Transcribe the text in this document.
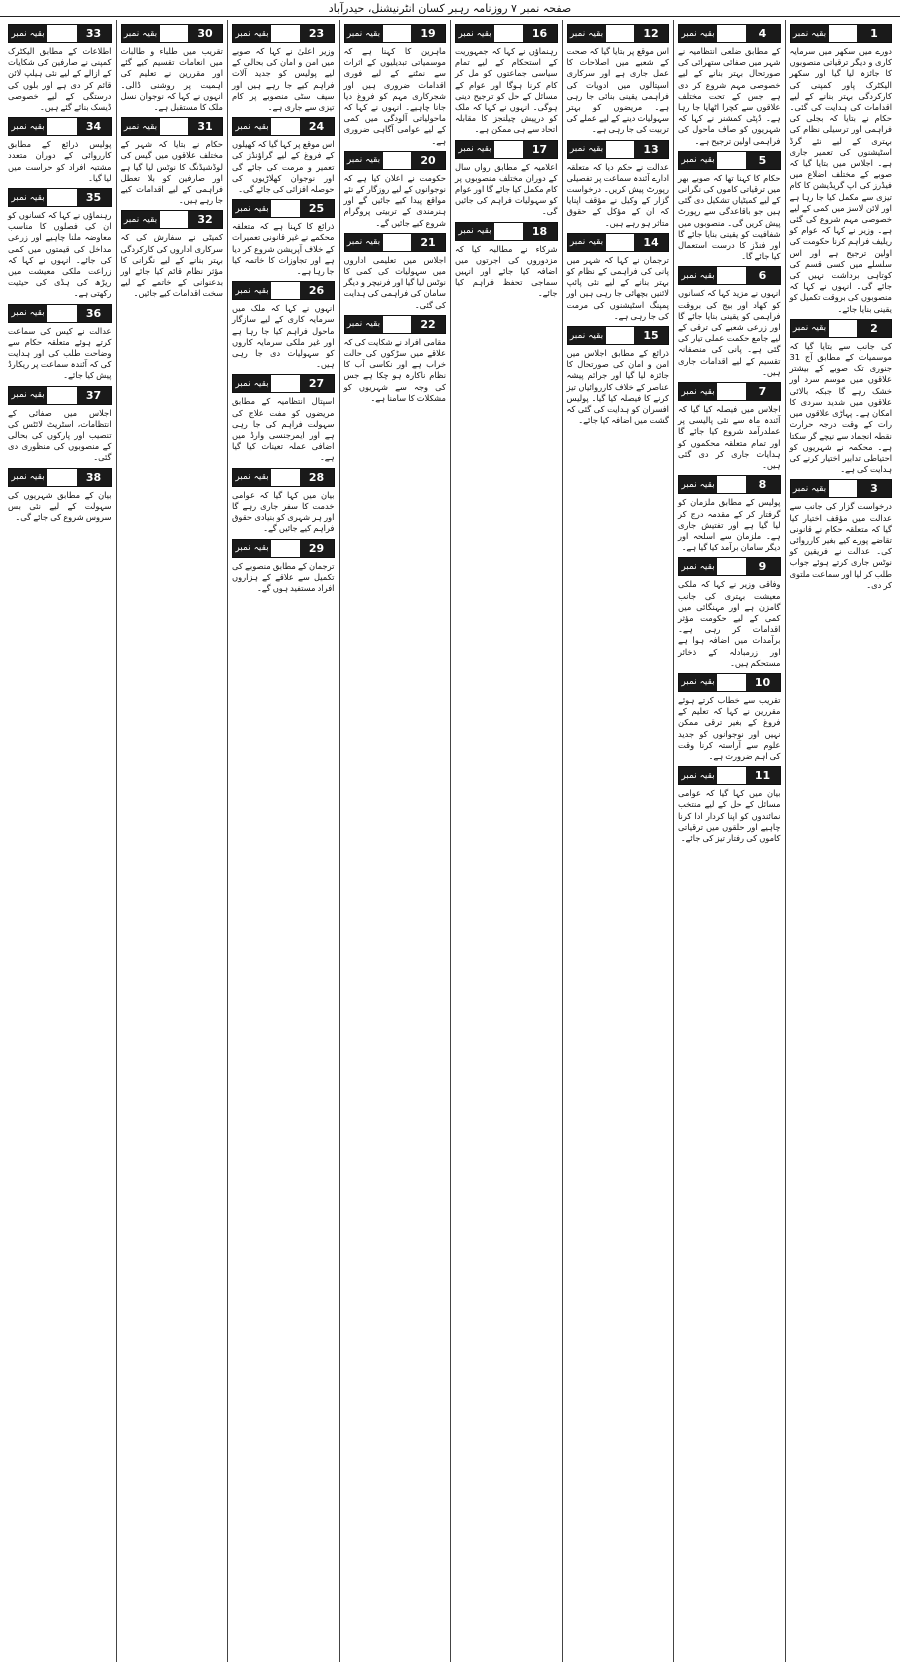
صفحہ نمبر ۷ روزنامہ رہبر کسان انٹرنیشنل، حیدرآباد
بقیہ نمبر	1

دورے میں سکھر میں سرمایہ کاری و دیگر ترقیاتی منصوبوں کا جائزہ لیا گیا اور سکھر الیکٹرک پاور کمپنی کی کارکردگی بہتر بنانے کے لیے اقدامات کی ہدایت کی گئی۔ حکام نے بتایا کہ بجلی کی فراہمی اور ترسیلی نظام کی بہتری کے لیے نئے گرڈ اسٹیشنوں کی تعمیر جاری ہے۔ اجلاس میں بتایا گیا کہ صوبے کے مختلف اضلاع میں فیڈرز کی اپ گریڈیشن کا کام تیزی سے مکمل کیا جا رہا ہے اور لائن لاسز میں کمی کے لیے خصوصی مہم شروع کی گئی ہے۔ وزیر نے کہا کہ عوام کو ریلیف فراہم کرنا حکومت کی اولین ترجیح ہے اور اس سلسلے میں کسی قسم کی کوتاہی برداشت نہیں کی جائے گی۔ انہوں نے کہا کہ منصوبوں کی بروقت تکمیل کو یقینی بنایا جائے۔

بقیہ نمبر	2

کی جانب سے بتایا گیا کہ موسمیات کے مطابق آج 31 جنوری تک صوبے کے بیشتر علاقوں میں موسم سرد اور خشک رہے گا جبکہ بالائی علاقوں میں شدید سردی کا امکان ہے۔ پہاڑی علاقوں میں رات کے وقت درجہ حرارت نقطہ انجماد سے نیچے گر سکتا ہے۔ محکمہ نے شہریوں کو احتیاطی تدابیر اختیار کرنے کی ہدایت کی ہے۔

بقیہ نمبر	3

درخواست گزار کی جانب سے عدالت میں مؤقف اختیار کیا گیا کہ متعلقہ حکام نے قانونی تقاضے پورے کیے بغیر کارروائی کی۔ عدالت نے فریقین کو نوٹس جاری کرتے ہوئے جواب طلب کر لیا اور سماعت ملتوی کر دی۔

بقیہ نمبر	4

کے مطابق ضلعی انتظامیہ نے شہر میں صفائی ستھرائی کی صورتحال بہتر بنانے کے لیے خصوصی مہم شروع کر دی ہے جس کے تحت مختلف علاقوں سے کچرا اٹھایا جا رہا ہے۔ ڈپٹی کمشنر نے کہا کہ شہریوں کو صاف ماحول کی فراہمی اولین ترجیح ہے۔

بقیہ نمبر	5

حکام کا کہنا تھا کہ صوبے بھر میں ترقیاتی کاموں کی نگرانی کے لیے کمیٹیاں تشکیل دی گئی ہیں جو باقاعدگی سے رپورٹ پیش کریں گی۔ منصوبوں میں شفافیت کو یقینی بنایا جائے گا اور فنڈز کا درست استعمال کیا جائے گا۔

بقیہ نمبر	6

انہوں نے مزید کہا کہ کسانوں کو کھاد اور بیج کی بروقت فراہمی کو یقینی بنایا جائے گا اور زرعی شعبے کی ترقی کے لیے جامع حکمت عملی تیار کی گئی ہے۔ پانی کی منصفانہ تقسیم کے لیے اقدامات جاری ہیں۔

بقیہ نمبر	7

اجلاس میں فیصلہ کیا گیا کہ آئندہ ماہ سے نئی پالیسی پر عملدرآمد شروع کیا جائے گا اور تمام متعلقہ محکموں کو ہدایات جاری کر دی گئی ہیں۔

بقیہ نمبر	8

پولیس کے مطابق ملزمان کو گرفتار کر کے مقدمہ درج کر لیا گیا ہے اور تفتیش جاری ہے۔ ملزمان سے اسلحہ اور دیگر سامان برآمد کیا گیا ہے۔

بقیہ نمبر	9

وفاقی وزیر نے کہا کہ ملکی معیشت بہتری کی جانب گامزن ہے اور مہنگائی میں کمی کے لیے حکومت مؤثر اقدامات کر رہی ہے۔ برآمدات میں اضافہ ہوا ہے اور زرمبادلہ کے ذخائر مستحکم ہیں۔

بقیہ نمبر	10

تقریب سے خطاب کرتے ہوئے مقررین نے کہا کہ تعلیم کے فروغ کے بغیر ترقی ممکن نہیں اور نوجوانوں کو جدید علوم سے آراستہ کرنا وقت کی اہم ضرورت ہے۔

بقیہ نمبر	11

بیان میں کہا گیا کہ عوامی مسائل کے حل کے لیے منتخب نمائندوں کو اپنا کردار ادا کرنا چاہیے اور حلقوں میں ترقیاتی کاموں کی رفتار تیز کی جائے۔

بقیہ نمبر	12

اس موقع پر بتایا گیا کہ صحت کے شعبے میں اصلاحات کا عمل جاری ہے اور سرکاری اسپتالوں میں ادویات کی فراہمی یقینی بنائی جا رہی ہے۔ مریضوں کو بہتر سہولیات دینے کے لیے عملے کی تربیت کی جا رہی ہے۔

بقیہ نمبر	13

عدالت نے حکم دیا کہ متعلقہ ادارے آئندہ سماعت پر تفصیلی رپورٹ پیش کریں۔ درخواست گزار کے وکیل نے مؤقف اپنایا کہ ان کے مؤکل کے حقوق متاثر ہو رہے ہیں۔

بقیہ نمبر	14

ترجمان نے کہا کہ شہر میں پانی کی فراہمی کے نظام کو بہتر بنانے کے لیے نئی پائپ لائنیں بچھائی جا رہی ہیں اور پمپنگ اسٹیشنوں کی مرمت کی جا رہی ہے۔

بقیہ نمبر	15

ذرائع کے مطابق اجلاس میں امن و امان کی صورتحال کا جائزہ لیا گیا اور جرائم پیشہ عناصر کے خلاف کارروائیاں تیز کرنے کا فیصلہ کیا گیا۔ پولیس افسران کو ہدایت کی گئی کہ گشت میں اضافہ کیا جائے۔

بقیہ نمبر	16

رہنماؤں نے کہا کہ جمہوریت کے استحکام کے لیے تمام سیاسی جماعتوں کو مل کر کام کرنا ہوگا اور عوام کے مسائل کے حل کو ترجیح دینی ہوگی۔ انہوں نے کہا کہ ملک کو درپیش چیلنجز کا مقابلہ اتحاد سے ہی ممکن ہے۔

بقیہ نمبر	17

اعلامیہ کے مطابق رواں سال کے دوران مختلف منصوبوں پر کام مکمل کیا جائے گا اور عوام کو سہولیات فراہم کی جائیں گی۔

بقیہ نمبر	18

شرکاء نے مطالبہ کیا کہ مزدوروں کی اجرتوں میں اضافہ کیا جائے اور انہیں سماجی تحفظ فراہم کیا جائے۔

بقیہ نمبر	19

ماہرین کا کہنا ہے کہ موسمیاتی تبدیلیوں کے اثرات سے نمٹنے کے لیے فوری اقدامات ضروری ہیں اور شجرکاری مہم کو فروغ دیا جانا چاہیے۔ انہوں نے کہا کہ ماحولیاتی آلودگی میں کمی کے لیے عوامی آگاہی ضروری ہے۔

بقیہ نمبر	20

حکومت نے اعلان کیا ہے کہ نوجوانوں کے لیے روزگار کے نئے مواقع پیدا کیے جائیں گے اور ہنرمندی کے تربیتی پروگرام شروع کیے جائیں گے۔

بقیہ نمبر	21

اجلاس میں تعلیمی اداروں میں سہولیات کی کمی کا نوٹس لیا گیا اور فرنیچر و دیگر سامان کی فراہمی کی ہدایت کی گئی۔

بقیہ نمبر	22

مقامی افراد نے شکایت کی کہ علاقے میں سڑکوں کی حالت خراب ہے اور نکاسی آب کا نظام ناکارہ ہو چکا ہے جس کی وجہ سے شہریوں کو مشکلات کا سامنا ہے۔

بقیہ نمبر	23

وزیر اعلیٰ نے کہا کہ صوبے میں امن و امان کی بحالی کے لیے پولیس کو جدید آلات فراہم کیے جا رہے ہیں اور سیف سٹی منصوبے پر کام تیزی سے جاری ہے۔

بقیہ نمبر	24

اس موقع پر کہا گیا کہ کھیلوں کے فروغ کے لیے گراؤنڈز کی تعمیر و مرمت کی جائے گی اور نوجوان کھلاڑیوں کی حوصلہ افزائی کی جائے گی۔

بقیہ نمبر	25

ذرائع کا کہنا ہے کہ متعلقہ محکمے نے غیر قانونی تعمیرات کے خلاف آپریشن شروع کر دیا ہے اور تجاوزات کا خاتمہ کیا جا رہا ہے۔

بقیہ نمبر	26

انہوں نے کہا کہ ملک میں سرمایہ کاری کے لیے سازگار ماحول فراہم کیا جا رہا ہے اور غیر ملکی سرمایہ کاروں کو سہولیات دی جا رہی ہیں۔

بقیہ نمبر	27

اسپتال انتظامیہ کے مطابق مریضوں کو مفت علاج کی سہولت فراہم کی جا رہی ہے اور ایمرجنسی وارڈ میں اضافی عملہ تعینات کیا گیا ہے۔

بقیہ نمبر	28

بیان میں کہا گیا کہ عوامی خدمت کا سفر جاری رہے گا اور ہر شہری کو بنیادی حقوق فراہم کیے جائیں گے۔

بقیہ نمبر	29

ترجمان کے مطابق منصوبے کی تکمیل سے علاقے کے ہزاروں افراد مستفید ہوں گے۔

بقیہ نمبر	30

تقریب میں طلباء و طالبات میں انعامات تقسیم کیے گئے اور مقررین نے تعلیم کی اہمیت پر روشنی ڈالی۔ انہوں نے کہا کہ نوجوان نسل ملک کا مستقبل ہے۔

بقیہ نمبر	31

حکام نے بتایا کہ شہر کے مختلف علاقوں میں گیس کی لوڈشیڈنگ کا نوٹس لیا گیا ہے اور صارفین کو بلا تعطل فراہمی کے لیے اقدامات کیے جا رہے ہیں۔

بقیہ نمبر	32

کمیٹی نے سفارش کی کہ سرکاری اداروں کی کارکردگی بہتر بنانے کے لیے نگرانی کا مؤثر نظام قائم کیا جائے اور بدعنوانی کے خاتمے کے لیے سخت اقدامات کیے جائیں۔

بقیہ نمبر	33

اطلاعات کے مطابق الیکٹرک کمپنی نے صارفین کی شکایات کے ازالے کے لیے نئی ہیلپ لائن قائم کر دی ہے اور بلوں کی درستگی کے لیے خصوصی ڈیسک بنائے گئے ہیں۔

بقیہ نمبر	34

پولیس ذرائع کے مطابق کارروائی کے دوران متعدد مشتبہ افراد کو حراست میں لیا گیا۔

بقیہ نمبر	35

رہنماؤں نے کہا کہ کسانوں کو ان کی فصلوں کا مناسب معاوضہ ملنا چاہیے اور زرعی مداخل کی قیمتوں میں کمی کی جائے۔ انہوں نے کہا کہ زراعت ملکی معیشت میں ریڑھ کی ہڈی کی حیثیت رکھتی ہے۔

بقیہ نمبر	36

عدالت نے کیس کی سماعت کرتے ہوئے متعلقہ حکام سے وضاحت طلب کی اور ہدایت کی کہ آئندہ سماعت پر ریکارڈ پیش کیا جائے۔

بقیہ نمبر	37

اجلاس میں صفائی کے انتظامات، اسٹریٹ لائٹس کی تنصیب اور پارکوں کی بحالی کے منصوبوں کی منظوری دی گئی۔

بقیہ نمبر	38

بیان کے مطابق شہریوں کی سہولت کے لیے نئی بس سروس شروع کی جائے گی۔
